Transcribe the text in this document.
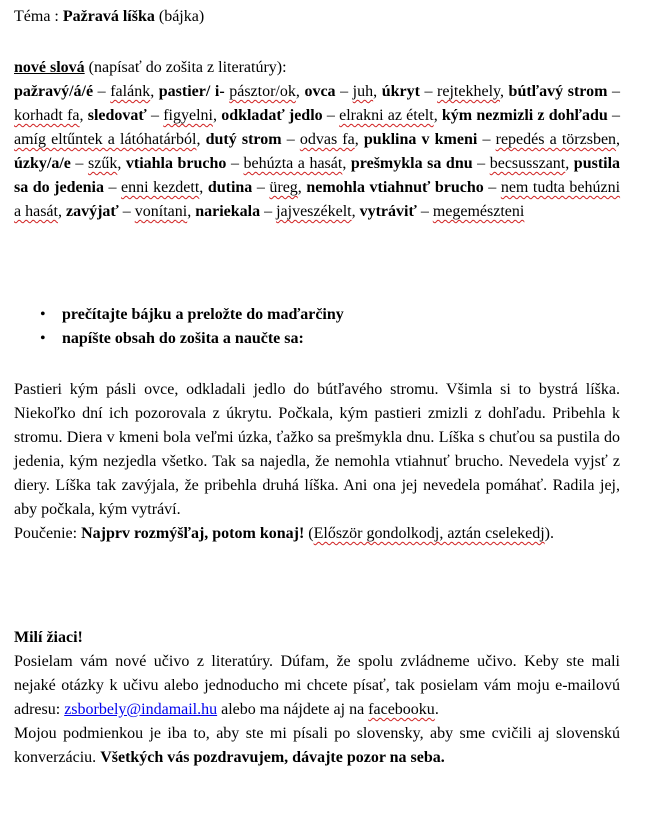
Téma : Pažravá líška (bájka)

nové slová (napísať do zošita z literatúry):
pažravý/á/é – falánk, pastier/ i- pásztor/ok, ovca – juh, úkryt – rejtekhely, bútľavý strom – korhadt fa, sledovať – figyelni, odkladať jedlo – elrakni az ételt, kým nezmizli z dohľadu – amíg eltűntek a látóhatárból, dutý strom – odvas fa, puklina v kmeni – repedés a törzsben, úzky/a/e – szűk, vtiahla brucho – behúzta a hasát, prešmykla sa dnu – becsusszant, pustila sa do jedenia – enni kezdett, dutina – üreg, nemohla vtiahnuť brucho – nem tudta behúzni a hasát, zavýjať – vonítani, nariekala – jajveszékelt, vytráviť – megemészteni

• prečítajte bájku a preložte do maďarčiny
• napíšte obsah do zošita a naučte sa:

Pastieri kým pásli ovce, odkladali jedlo do bútľavého stromu. Všimla si to bystrá líška. Niekoľko dní ich pozorovala z úkrytu. Počkala, kým pastieri zmizli z dohľadu. Pribehla k stromu. Diera v kmeni bola veľmi úzka, ťažko sa prešmykla dnu. Líška s chuťou sa pustila do jedenia, kým nezjedla všetko. Tak sa najedla, že nemohla vtiahnuť brucho. Nevedela vyjsť z diery. Líška tak zavýjala, že pribehla druhá líška. Ani ona jej nevedela pomáhať. Radila jej, aby počkala, kým vytráví.
Poučenie: Najprv rozmýšľaj, potom konaj! (Először gondolkodj, aztán cselekedj).

Milí žiaci!

Posielam vám nové učivo z literatúry. Dúfam, že spolu zvládneme učivo. Keby ste mali nejaké otázky k učivu alebo jednoducho mi chcete písať, tak posielam vám moju e-mailovú adresu: zsborbely@indamail.hu alebo ma nájdete aj na facebooku.
Mojou podmienkou je iba to, aby ste mi písali po slovensky, aby sme cvičili aj slovenskú konverzáciu. Všetkých vás pozdravujem, dávajte pozor na seba.
